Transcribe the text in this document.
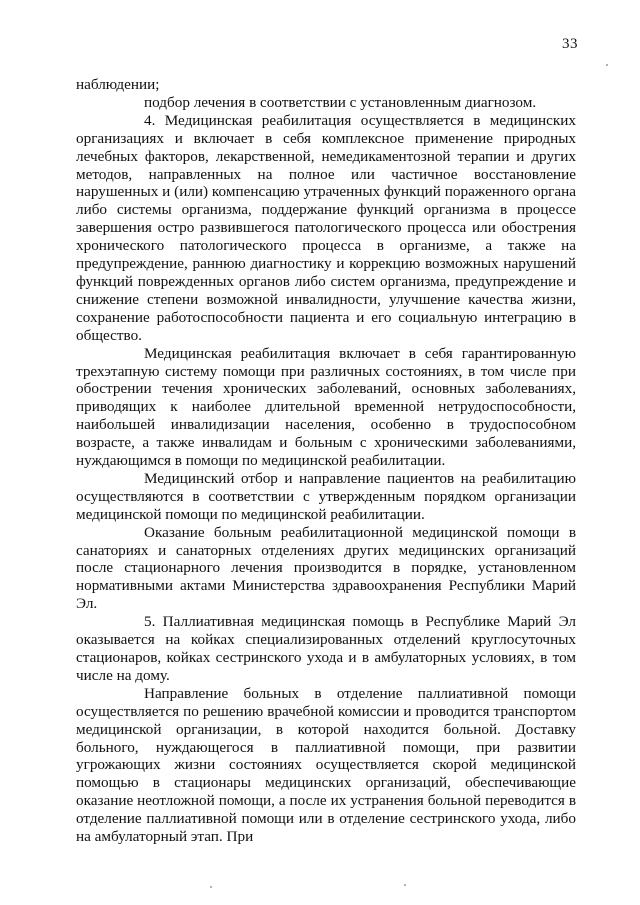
33

наблюдении;

подбор лечения в соответствии с установленным диагнозом.

4. Медицинская реабилитация осуществляется в медицинских организациях и включает в себя комплексное применение природных лечебных факторов, лекарственной, немедикаментозной терапии и других методов, направленных на полное или частичное восстановление нарушенных и (или) компенсацию утраченных функций пораженного органа либо системы организма, поддержание функций организма в процессе завершения остро развившегося патологического процесса или обострения хронического патологического процесса в организме, а также на предупреждение, раннюю диагностику и коррекцию возможных нарушений функций поврежденных органов либо систем организма, предупреждение и снижение степени возможной инвалидности, улучшение качества жизни, сохранение работоспособности пациента и его социальную интеграцию в общество.

Медицинская реабилитация включает в себя гарантированную трехэтапную систему помощи при различных состояниях, в том числе при обострении течения хронических заболеваний, основных заболеваниях, приводящих к наиболее длительной временной нетрудоспособности, наибольшей инвалидизации населения, особенно в трудоспособном возрасте, а также инвалидам и больным с хроническими заболеваниями, нуждающимся в помощи по медицинской реабилитации.

Медицинский отбор и направление пациентов на реабилитацию осуществляются в соответствии с утвержденным порядком организации медицинской помощи по медицинской реабилитации.

Оказание больным реабилитационной медицинской помощи в санаториях и санаторных отделениях других медицинских организаций после стационарного лечения производится в порядке, установленном нормативными актами Министерства здравоохранения Республики Марий Эл.

5. Паллиативная медицинская помощь в Республике Марий Эл оказывается на койках специализированных отделений круглосуточных стационаров, койках сестринского ухода и в амбулаторных условиях, в том числе на дому.

Направление больных в отделение паллиативной помощи осуществляется по решению врачебной комиссии и проводится транспортом медицинской организации, в которой находится больной. Доставку больного, нуждающегося в паллиативной помощи, при развитии угрожающих жизни состояниях осуществляется скорой медицинской помощью в стационары медицинских организаций, обеспечивающие оказание неотложной помощи, а после их устранения больной переводится в отделение паллиативной помощи или в отделение сестринского ухода, либо на амбулаторный этап. При
